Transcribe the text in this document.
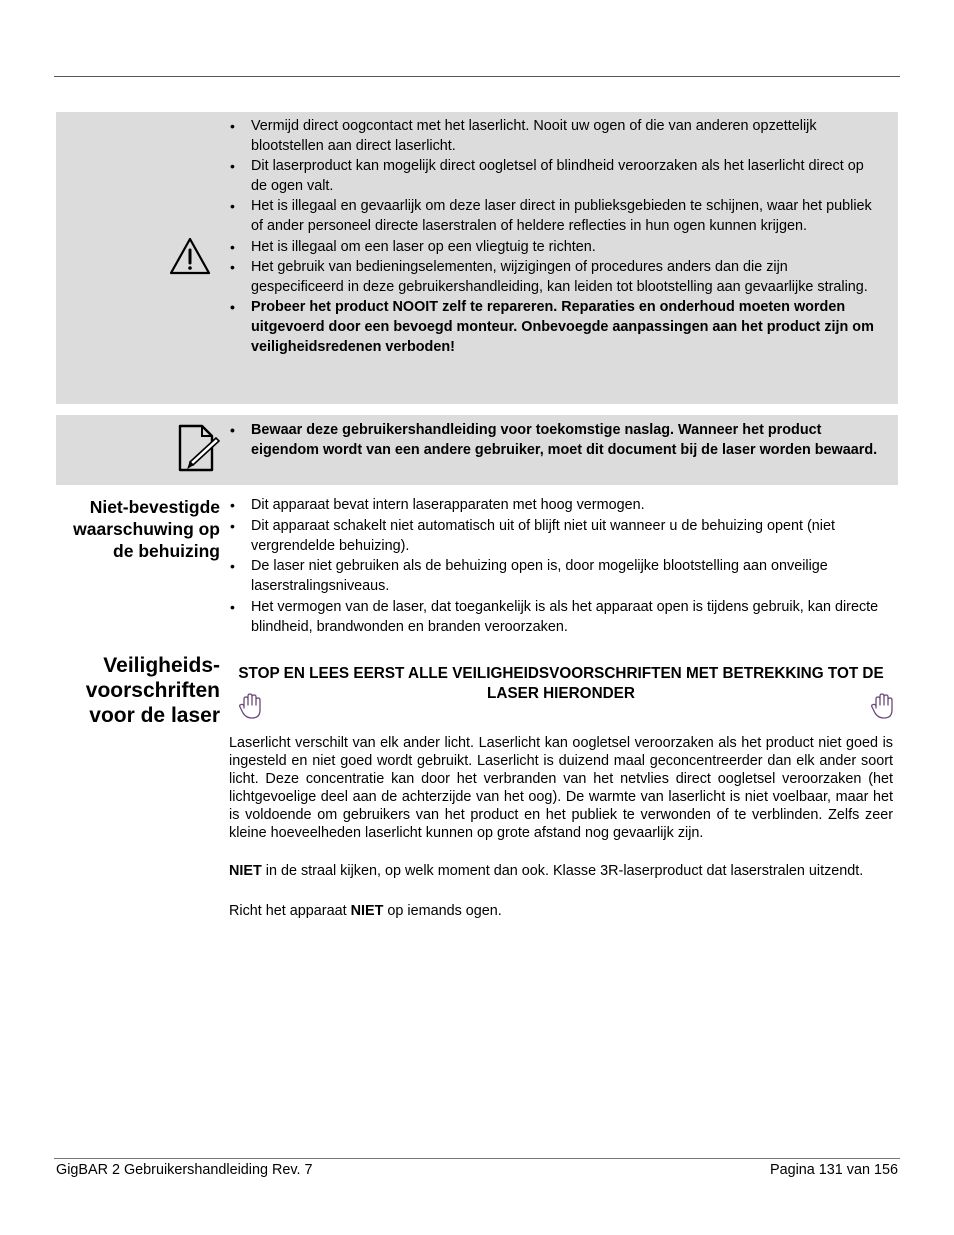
• Vermijd direct oogcontact met het laserlicht. Nooit uw ogen of die van anderen opzettelijk blootstellen aan direct laserlicht.
• Dit laserproduct kan mogelijk direct oogletsel of blindheid veroorzaken als het laserlicht direct op de ogen valt.
• Het is illegaal en gevaarlijk om deze laser direct in publieksgebieden te schijnen, waar het publiek of ander personeel directe laserstralen of heldere reflecties in hun ogen kunnen krijgen.
• Het is illegaal om een laser op een vliegtuig te richten.
• Het gebruik van bedieningselementen, wijzigingen of procedures anders dan die zijn gespecificeerd in deze gebruikershandleiding, kan leiden tot blootstelling aan gevaarlijke straling.
• Probeer het product NOOIT zelf te repareren. Reparaties en onderhoud moeten worden uitgevoerd door een bevoegd monteur. Onbevoegde aanpassingen aan het product zijn om veiligheidsredenen verboden!
• Bewaar deze gebruikershandleiding voor toekomstige naslag. Wanneer het product eigendom wordt van een andere gebruiker, moet dit document bij de laser worden bewaard.
Niet-bevestigde
waarschuwing op
de behuizing
• Dit apparaat bevat intern laserapparaten met hoog vermogen.
• Dit apparaat schakelt niet automatisch uit of blijft niet uit wanneer u de behuizing opent (niet vergrendelde behuizing).
• De laser niet gebruiken als de behuizing open is, door mogelijke blootstelling aan onveilige laserstralingsniveaus.
• Het vermogen van de laser, dat toegankelijk is als het apparaat open is tijdens gebruik, kan directe blindheid, brandwonden en branden veroorzaken.
Veiligheids-
voorschriften
voor de laser
STOP EN LEES EERST ALLE VEILIGHEIDSVOORSCHRIFTEN MET BETREKKING TOT DE LASER HIERONDER

Laserlicht verschilt van elk ander licht. Laserlicht kan oogletsel veroorzaken als het product niet goed is ingesteld en niet goed wordt gebruikt. Laserlicht is duizend maal geconcentreerder dan elk ander soort licht. Deze concentratie kan door het verbranden van het netvlies direct oogletsel veroorzaken (het lichtgevoelige deel aan de achterzijde van het oog). De warmte van laserlicht is niet voelbaar, maar het is voldoende om gebruikers van het product en het publiek te verwonden of te verblinden. Zelfs zeer kleine hoeveelheden laserlicht kunnen op grote afstand nog gevaarlijk zijn.

NIET in de straal kijken, op welk moment dan ook. Klasse 3R-laserproduct dat laserstralen uitzendt.

Richt het apparaat NIET op iemands ogen.

GigBAR 2 Gebruikershandleiding Rev. 7	Pagina 131 van 156
